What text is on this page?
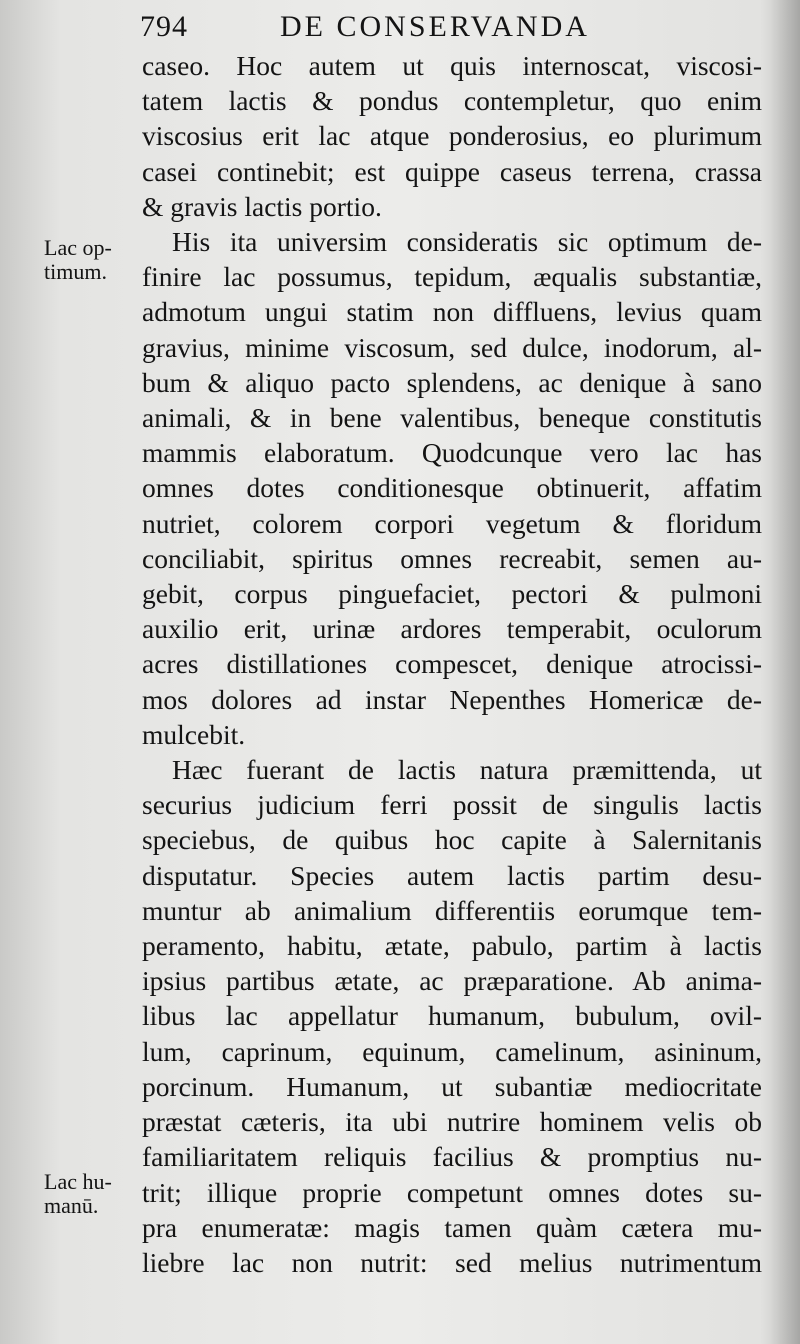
794	DE CONSERVANDA
Lac op-
timum.
Lac hu-
manū.
caseo. Hoc autem ut quis internoscat, viscosi-
tatem lactis & pondus contempletur, quo enim
viscosius erit lac atque ponderosius, eo plurimum
casei continebit; est quippe caseus terrena, crassa
& gravis lactis portio.
His ita universim consideratis sic optimum de-
finire lac possumus, tepidum, æqualis substantiæ,
admotum ungui statim non diffluens, levius quam
gravius, minime viscosum, sed dulce, inodorum, al-
bum & aliquo pacto splendens, ac denique à sano
animali, & in bene valentibus, beneque constitutis
mammis elaboratum. Quodcunque vero lac has
omnes dotes conditionesque obtinuerit, affatim
nutriet, colorem corpori vegetum & floridum
conciliabit, spiritus omnes recreabit, semen au-
gebit, corpus pinguefaciet, pectori & pulmoni
auxilio erit, urinæ ardores temperabit, oculorum
acres distillationes compescet, denique atrocissi-
mos dolores ad instar Nepenthes Homericæ de-
mulcebit.
Hæc fuerant de lactis natura præmittenda, ut
securius judicium ferri possit de singulis lactis
speciebus, de quibus hoc capite à Salernitanis
disputatur. Species autem lactis partim desu-
muntur ab animalium differentiis eorumque tem-
peramento, habitu, ætate, pabulo, partim à lactis
ipsius partibus ætate, ac præparatione. Ab anima-
libus lac appellatur humanum, bubulum, ovil-
lum, caprinum, equinum, camelinum, asininum,
porcinum. Humanum, ut subantiæ mediocritate
præstat cæteris, ita ubi nutrire hominem velis ob
familiaritatem reliquis facilius & promptius nu-
trit; illique proprie competunt omnes dotes su-
pra enumeratæ: magis tamen quàm cætera mu-
liebre lac non nutrit: sed melius nutrimentum
